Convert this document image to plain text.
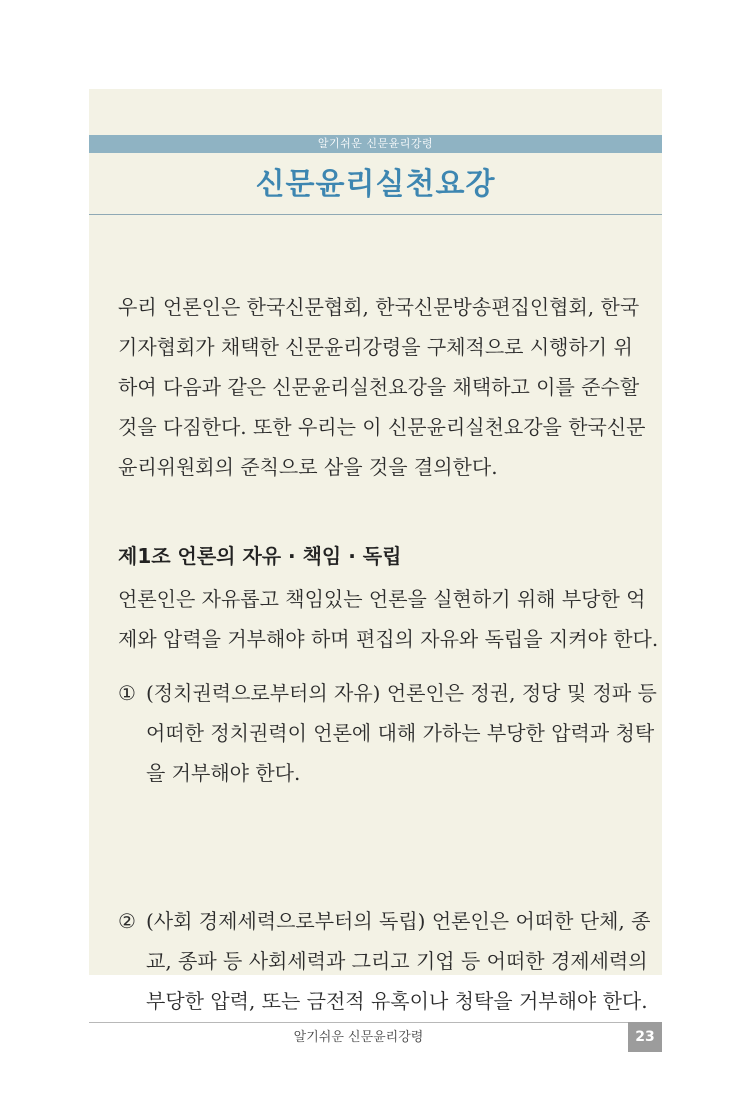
알기쉬운 신문윤리강령
신문윤리실천요강
우리 언론인은 한국신문협회, 한국신문방송편집인협회, 한국
기자협회가 채택한 신문윤리강령을 구체적으로 시행하기 위
하여 다음과 같은 신문윤리실천요강을 채택하고 이를 준수할
것을 다짐한다. 또한 우리는 이 신문윤리실천요강을 한국신문
윤리위원회의 준칙으로 삼을 것을 결의한다.
제1조 언론의 자유 · 책임 · 독립
언론인은 자유롭고 책임있는 언론을 실현하기 위해 부당한 억
제와 압력을 거부해야 하며 편집의 자유와 독립을 지켜야 한다.
① (정치권력으로부터의 자유) 언론인은 정권, 정당 및 정파 등
어떠한 정치권력이 언론에 대해 가하는 부당한 압력과 청탁
을 거부해야 한다.
② (사회 경제세력으로부터의 독립) 언론인은 어떠한 단체, 종
교, 종파 등 사회세력과 그리고 기업 등 어떠한 경제세력의
부당한 압력, 또는 금전적 유혹이나 청탁을 거부해야 한다.
알기쉬운 신문윤리강령	23
